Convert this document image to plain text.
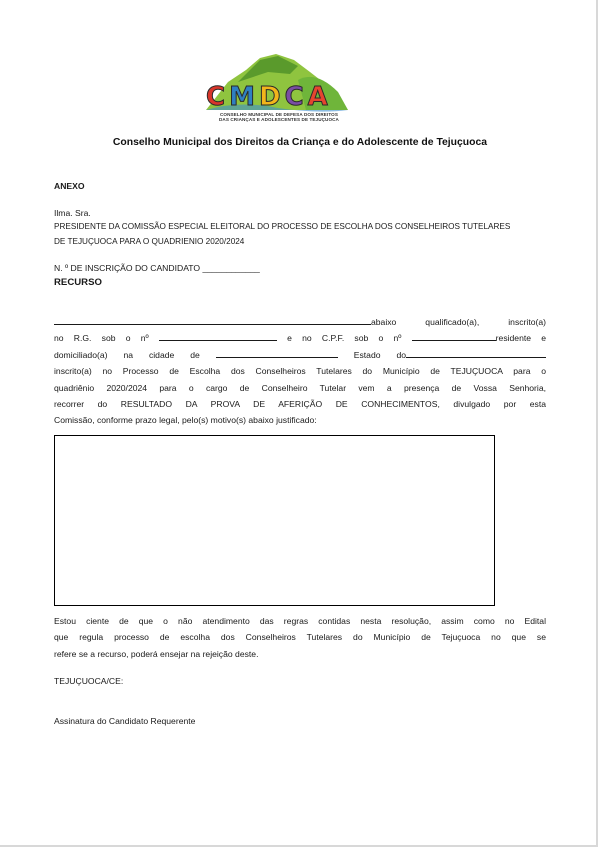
CMDCA
CONSELHO MUNICIPAL DE DEFESA DOS DIREITOS
DAS CRIANÇAS E ADOLESCENTES DE TEJUÇUOCA
Conselho Municipal dos Direitos da Criança e do Adolescente de Tejuçuoca
ANEXO
Ilma. Sra.
PRESIDENTE DA COMISSÃO ESPECIAL ELEITORAL DO PROCESSO DE ESCOLHA DOS CONSELHEIROS TUTELARES
DE TEJUÇUOCA PARA O QUADRIENIO 2020/2024
N. º DE INSCRIÇÃO DO CANDIDATO ____________
RECURSO
abaixo qualificado(a), inscrito(a)
no R.G. sob o nº	e no C.P.F. sob o nº	residente e
domiciliado(a) na cidade de	Estado do
inscrito(a) no Processo de Escolha dos Conselheiros Tutelares do Município de TEJUÇUOCA para o
quadriênio 2020/2024 para o cargo de Conselheiro Tutelar vem a presença de Vossa Senhoria,
recorrer do RESULTADO DA PROVA DE AFERIÇÃO DE CONHECIMENTOS, divulgado por esta
Comissão, conforme prazo legal, pelo(s) motivo(s) abaixo justificado:
Estou ciente de que o não atendimento das regras contidas nesta resolução, assim como no Edital
que regula processo de escolha dos Conselheiros Tutelares do Município de Tejuçuoca no que se
refere se a recurso, poderá ensejar na rejeição deste.
TEJUÇUOCA/CE:
Assinatura do Candidato Requerente
